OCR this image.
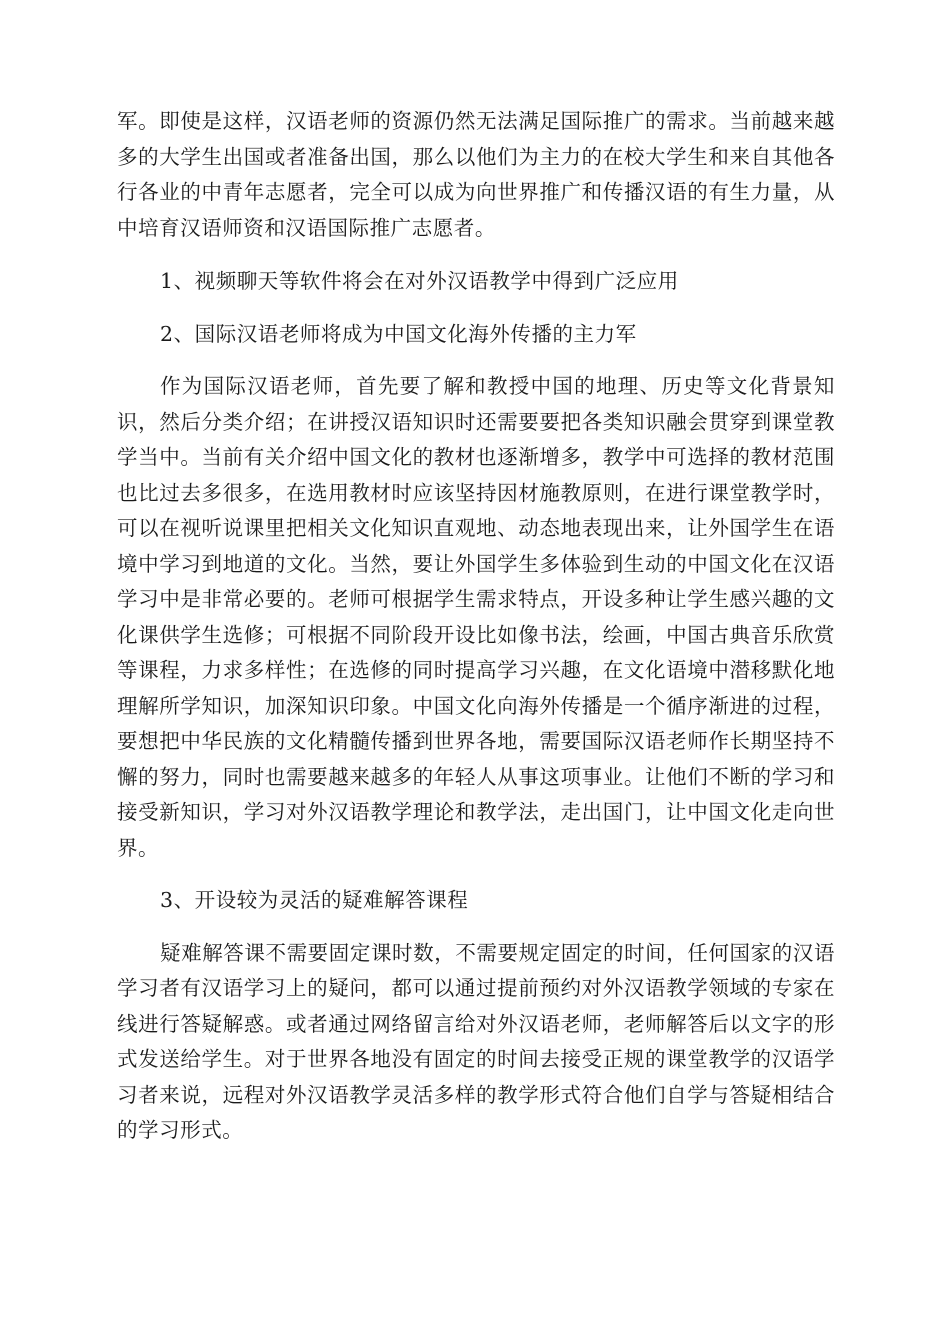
军。即使是这样，汉语老师的资源仍然无法满足国际推广的需求。当前越来越多的大学生出国或者准备出国，那么以他们为主力的在校大学生和来自其他各行各业的中青年志愿者，完全可以成为向世界推广和传播汉语的有生力量，从中培育汉语师资和汉语国际推广志愿者。

1、视频聊天等软件将会在对外汉语教学中得到广泛应用

2、国际汉语老师将成为中国文化海外传播的主力军

作为国际汉语老师，首先要了解和教授中国的地理、历史等文化背景知识，然后分类介绍；在讲授汉语知识时还需要要把各类知识融会贯穿到课堂教学当中。当前有关介绍中国文化的教材也逐渐增多，教学中可选择的教材范围也比过去多很多，在选用教材时应该坚持因材施教原则，在进行课堂教学时，可以在视听说课里把相关文化知识直观地、动态地表现出来，让外国学生在语境中学习到地道的文化。当然，要让外国学生多体验到生动的中国文化在汉语学习中是非常必要的。老师可根据学生需求特点，开设多种让学生感兴趣的文化课供学生选修；可根据不同阶段开设比如像书法，绘画，中国古典音乐欣赏等课程，力求多样性；在选修的同时提高学习兴趣，在文化语境中潜移默化地理解所学知识，加深知识印象。中国文化向海外传播是一个循序渐进的过程，要想把中华民族的文化精髓传播到世界各地，需要国际汉语老师作长期坚持不懈的努力，同时也需要越来越多的年轻人从事这项事业。让他们不断的学习和接受新知识，学习对外汉语教学理论和教学法，走出国门，让中国文化走向世界。

3、开设较为灵活的疑难解答课程

疑难解答课不需要固定课时数，不需要规定固定的时间，任何国家的汉语学习者有汉语学习上的疑问，都可以通过提前预约对外汉语教学领域的专家在线进行答疑解惑。或者通过网络留言给对外汉语老师，老师解答后以文字的形式发送给学生。对于世界各地没有固定的时间去接受正规的课堂教学的汉语学习者来说，远程对外汉语教学灵活多样的教学形式符合他们自学与答疑相结合的学习形式。
